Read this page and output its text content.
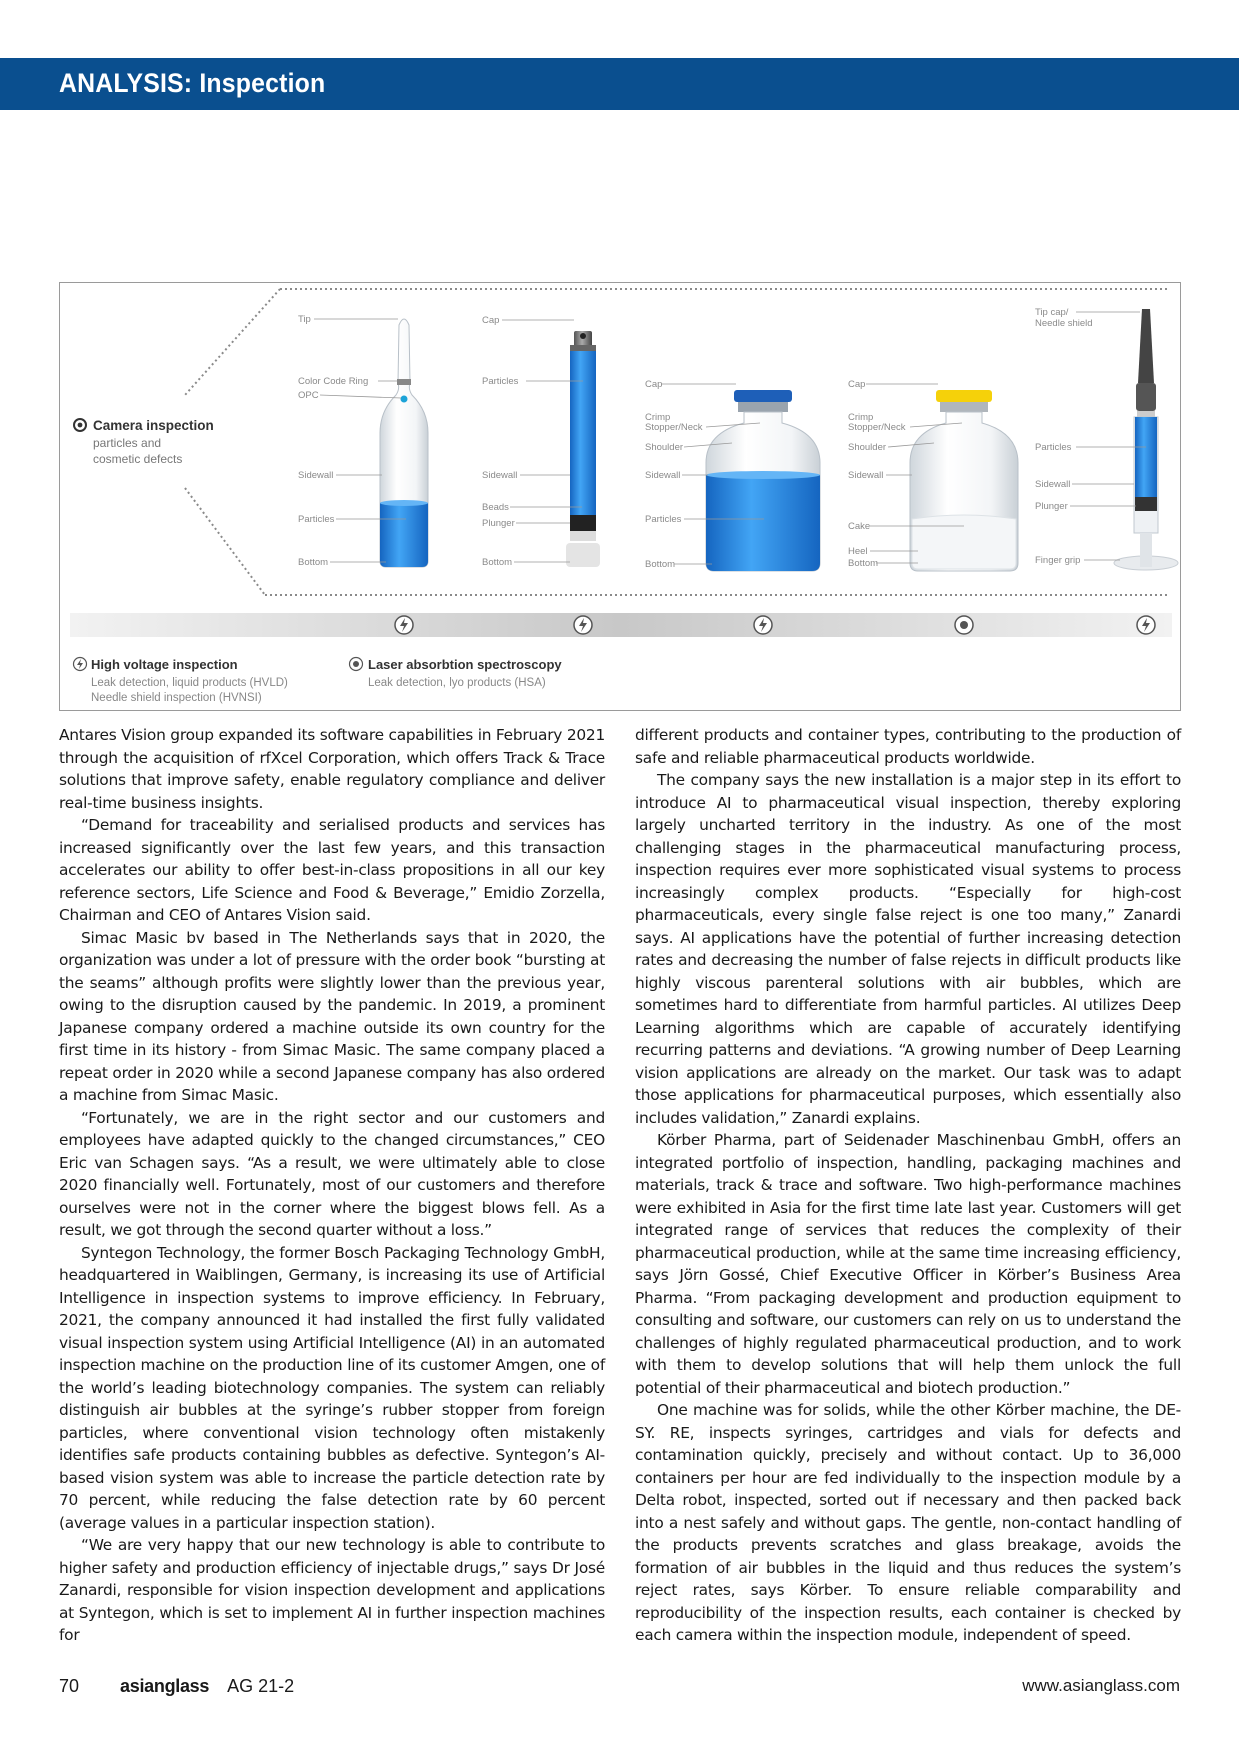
ANALYSIS: Inspection
Camera inspection
particles and
cosmetic defects
Tip
Color Code Ring
OPC
Sidewall
Particles
Bottom
Cap
Particles
Sidewall
Beads
Plunger
Bottom
Cap
Crimp
Stopper/Neck
Shoulder
Sidewall
Particles
Bottom
Cap
Crimp
Stopper/Neck
Shoulder
Sidewall
Cake
Heel
Bottom
Tip cap/
Needle shield
Particles
Sidewall
Plunger
Finger grip
High voltage inspection
Leak detection, liquid products (HVLD)
Needle shield inspection (HVNSI)
Laser absorbtion spectroscopy
Leak detection, lyo products (HSA)

Antares Vision group expanded its software capabilities in February 2021 through the acquisition of rfXcel Corporation, which offers Track & Trace solutions that improve safety, enable regulatory compliance and deliver real-time business insights.

“Demand for traceability and serialised products and services has increased significantly over the last few years, and this transaction accelerates our ability to offer best-in-class propositions in all our key reference sectors, Life Science and Food & Beverage,” Emidio Zorzella, Chairman and CEO of Antares Vision said.

Simac Masic bv based in The Netherlands says that in 2020, the organization was under a lot of pressure with the order book “bursting at the seams” although profits were slightly lower than the previous year, owing to the disruption caused by the pandemic. In 2019, a prominent Japanese company ordered a machine outside its own country for the first time in its history - from Simac Masic. The same company placed a repeat order in 2020 while a second Japanese company has also ordered a machine from Simac Masic.

“Fortunately, we are in the right sector and our customers and employees have adapted quickly to the changed circumstances,” CEO Eric van Schagen says. “As a result, we were ultimately able to close 2020 financially well. Fortunately, most of our customers and therefore ourselves were not in the corner where the biggest blows fell. As a result, we got through the second quarter without a loss.”

Syntegon Technology, the former Bosch Packaging Technology GmbH, headquartered in Waiblingen, Germany, is increasing its use of Artificial Intelligence in inspection systems to improve efficiency. In February, 2021, the company announced it had installed the first fully validated visual inspection system using Artificial Intelligence (AI) in an automated inspection machine on the production line of its customer Amgen, one of the world’s leading biotechnology companies. The system can reliably distinguish air bubbles at the syringe’s rubber stopper from foreign particles, where conventional vision technology often mistakenly identifies safe products containing bubbles as defective. Syntegon’s AI-based vision system was able to increase the particle detection rate by 70 percent, while reducing the false detection rate by 60 percent (average values in a particular inspection station).

“We are very happy that our new technology is able to contribute to higher safety and production efficiency of injectable drugs,” says Dr José Zanardi, responsible for vision inspection development and applications at Syntegon, which is set to implement AI in further inspection machines for

different products and container types, contributing to the production of safe and reliable pharmaceutical products worldwide.

The company says the new installation is a major step in its effort to introduce AI to pharmaceutical visual inspection, thereby exploring largely uncharted territory in the industry. As one of the most challenging stages in the pharmaceutical manufacturing process, inspection requires ever more sophisticated visual systems to process increasingly complex products. “Especially for high-cost pharmaceuticals, every single false reject is one too many,” Zanardi says. AI applications have the potential of further increasing detection rates and decreasing the number of false rejects in difficult products like highly viscous parenteral solutions with air bubbles, which are sometimes hard to differentiate from harmful particles. AI utilizes Deep Learning algorithms which are capable of accurately identifying recurring patterns and deviations. “A growing number of Deep Learning vision applications are already on the market. Our task was to adapt those applications for pharmaceutical purposes, which essentially also includes validation,” Zanardi explains.

Körber Pharma, part of Seidenader Maschinenbau GmbH, offers an integrated portfolio of inspection, handling, packaging machines and materials, track & trace and software. Two high-performance machines were exhibited in Asia for the first time late last year. Customers will get integrated range of services that reduces the complexity of their pharmaceutical production, while at the same time increasing efficiency, says Jörn Gossé, Chief Executive Officer in Körber’s Business Area Pharma. “From packaging development and production equipment to consulting and software, our customers can rely on us to understand the challenges of highly regulated pharmaceutical production, and to work with them to develop solutions that will help them unlock the full potential of their pharmaceutical and biotech production.”

One machine was for solids, while the other Körber machine, the DE-SY. RE, inspects syringes, cartridges and vials for defects and contamination quickly, precisely and without contact. Up to 36,000 containers per hour are fed individually to the inspection module by a Delta robot, inspected, sorted out if necessary and then packed back into a nest safely and without gaps. The gentle, non-contact handling of the products prevents scratches and glass breakage, avoids the formation of air bubbles in the liquid and thus reduces the system’s reject rates, says Körber. To ensure reliable comparability and reproducibility of the inspection results, each container is checked by each camera within the inspection module, independent of speed.

70 asianglass AG 21-2	www.asianglass.com
